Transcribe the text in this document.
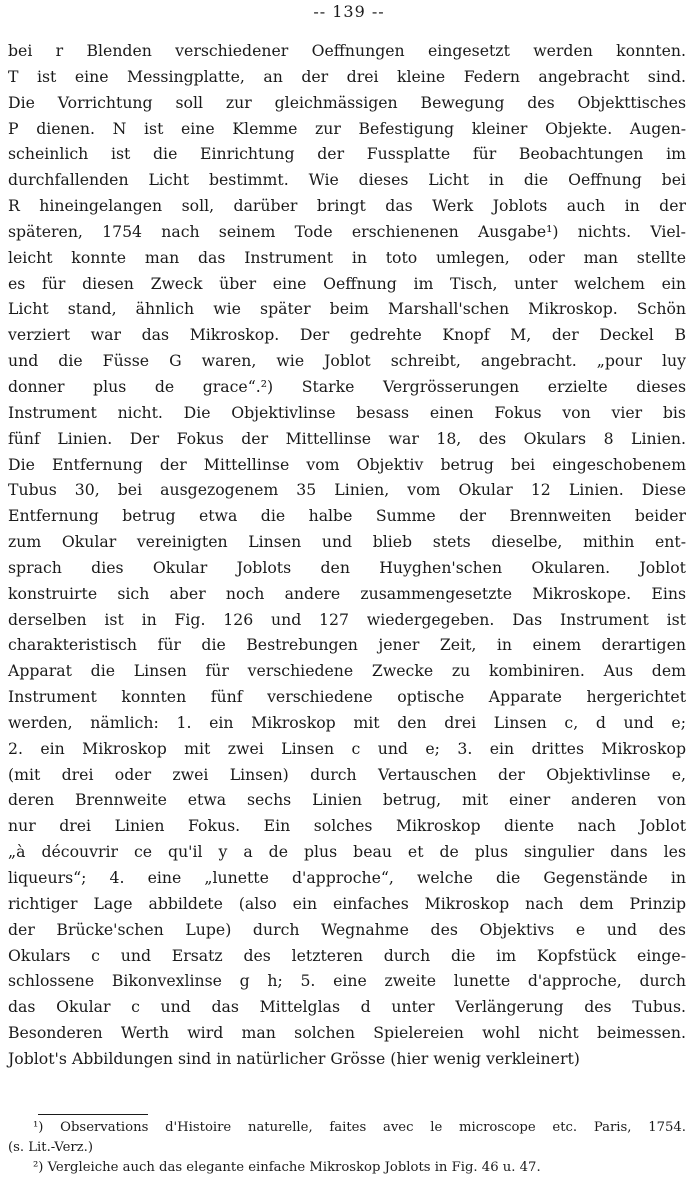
-- 139 --
bei r Blenden verschiedener Oeffnungen eingesetzt werden konnten.
T ist eine Messingplatte, an der drei kleine Federn angebracht sind.
Die Vorrichtung soll zur gleichmässigen Bewegung des Objekttisches
P dienen. N ist eine Klemme zur Befestigung kleiner Objekte. Augen-
scheinlich ist die Einrichtung der Fussplatte für Beobachtungen im
durchfallenden Licht bestimmt. Wie dieses Licht in die Oeffnung bei
R hineingelangen soll, darüber bringt das Werk Joblots auch in der
späteren, 1754 nach seinem Tode erschienenen Ausgabe¹) nichts. Viel-
leicht konnte man das Instrument in toto umlegen, oder man stellte
es für diesen Zweck über eine Oeffnung im Tisch, unter welchem ein
Licht stand, ähnlich wie später beim Marshall'schen Mikroskop. Schön
verziert war das Mikroskop. Der gedrehte Knopf M, der Deckel B
und die Füsse G waren, wie Joblot schreibt, angebracht. „pour luy
donner plus de grace“.²) Starke Vergrösserungen erzielte dieses
Instrument nicht. Die Objektivlinse besass einen Fokus von vier bis
fünf Linien. Der Fokus der Mittellinse war 18, des Okulars 8 Linien.
Die Entfernung der Mittellinse vom Objektiv betrug bei eingeschobenem
Tubus 30, bei ausgezogenem 35 Linien, vom Okular 12 Linien. Diese
Entfernung betrug etwa die halbe Summe der Brennweiten beider
zum Okular vereinigten Linsen und blieb stets dieselbe, mithin ent-
sprach dies Okular Joblots den Huyghen'schen Okularen. Joblot
konstruirte sich aber noch andere zusammengesetzte Mikroskope. Eins
derselben ist in Fig. 126 und 127 wiedergegeben. Das Instrument ist
charakteristisch für die Bestrebungen jener Zeit, in einem derartigen
Apparat die Linsen für verschiedene Zwecke zu kombiniren. Aus dem
Instrument konnten fünf verschiedene optische Apparate hergerichtet
werden, nämlich: 1. ein Mikroskop mit den drei Linsen c, d und e;
2. ein Mikroskop mit zwei Linsen c und e; 3. ein drittes Mikroskop
(mit drei oder zwei Linsen) durch Vertauschen der Objektivlinse e,
deren Brennweite etwa sechs Linien betrug, mit einer anderen von
nur drei Linien Fokus. Ein solches Mikroskop diente nach Joblot
„à découvrir ce qu'il y a de plus beau et de plus singulier dans les
liqueurs“; 4. eine „lunette d'approche“, welche die Gegenstände in
richtiger Lage abbildete (also ein einfaches Mikroskop nach dem Prinzip
der Brücke'schen Lupe) durch Wegnahme des Objektivs e und des
Okulars c und Ersatz des letzteren durch die im Kopfstück einge-
schlossene Bikonvexlinse g h; 5. eine zweite lunette d'approche, durch
das Okular c und das Mittelglas d unter Verlängerung des Tubus.
Besonderen Werth wird man solchen Spielereien wohl nicht beimessen.
Joblot's Abbildungen sind in natürlicher Grösse (hier wenig verkleinert)
¹) Observations d'Histoire naturelle, faites avec le microscope etc. Paris, 1754.
(s. Lit.-Verz.)
²) Vergleiche auch das elegante einfache Mikroskop Joblots in Fig. 46 u. 47.
